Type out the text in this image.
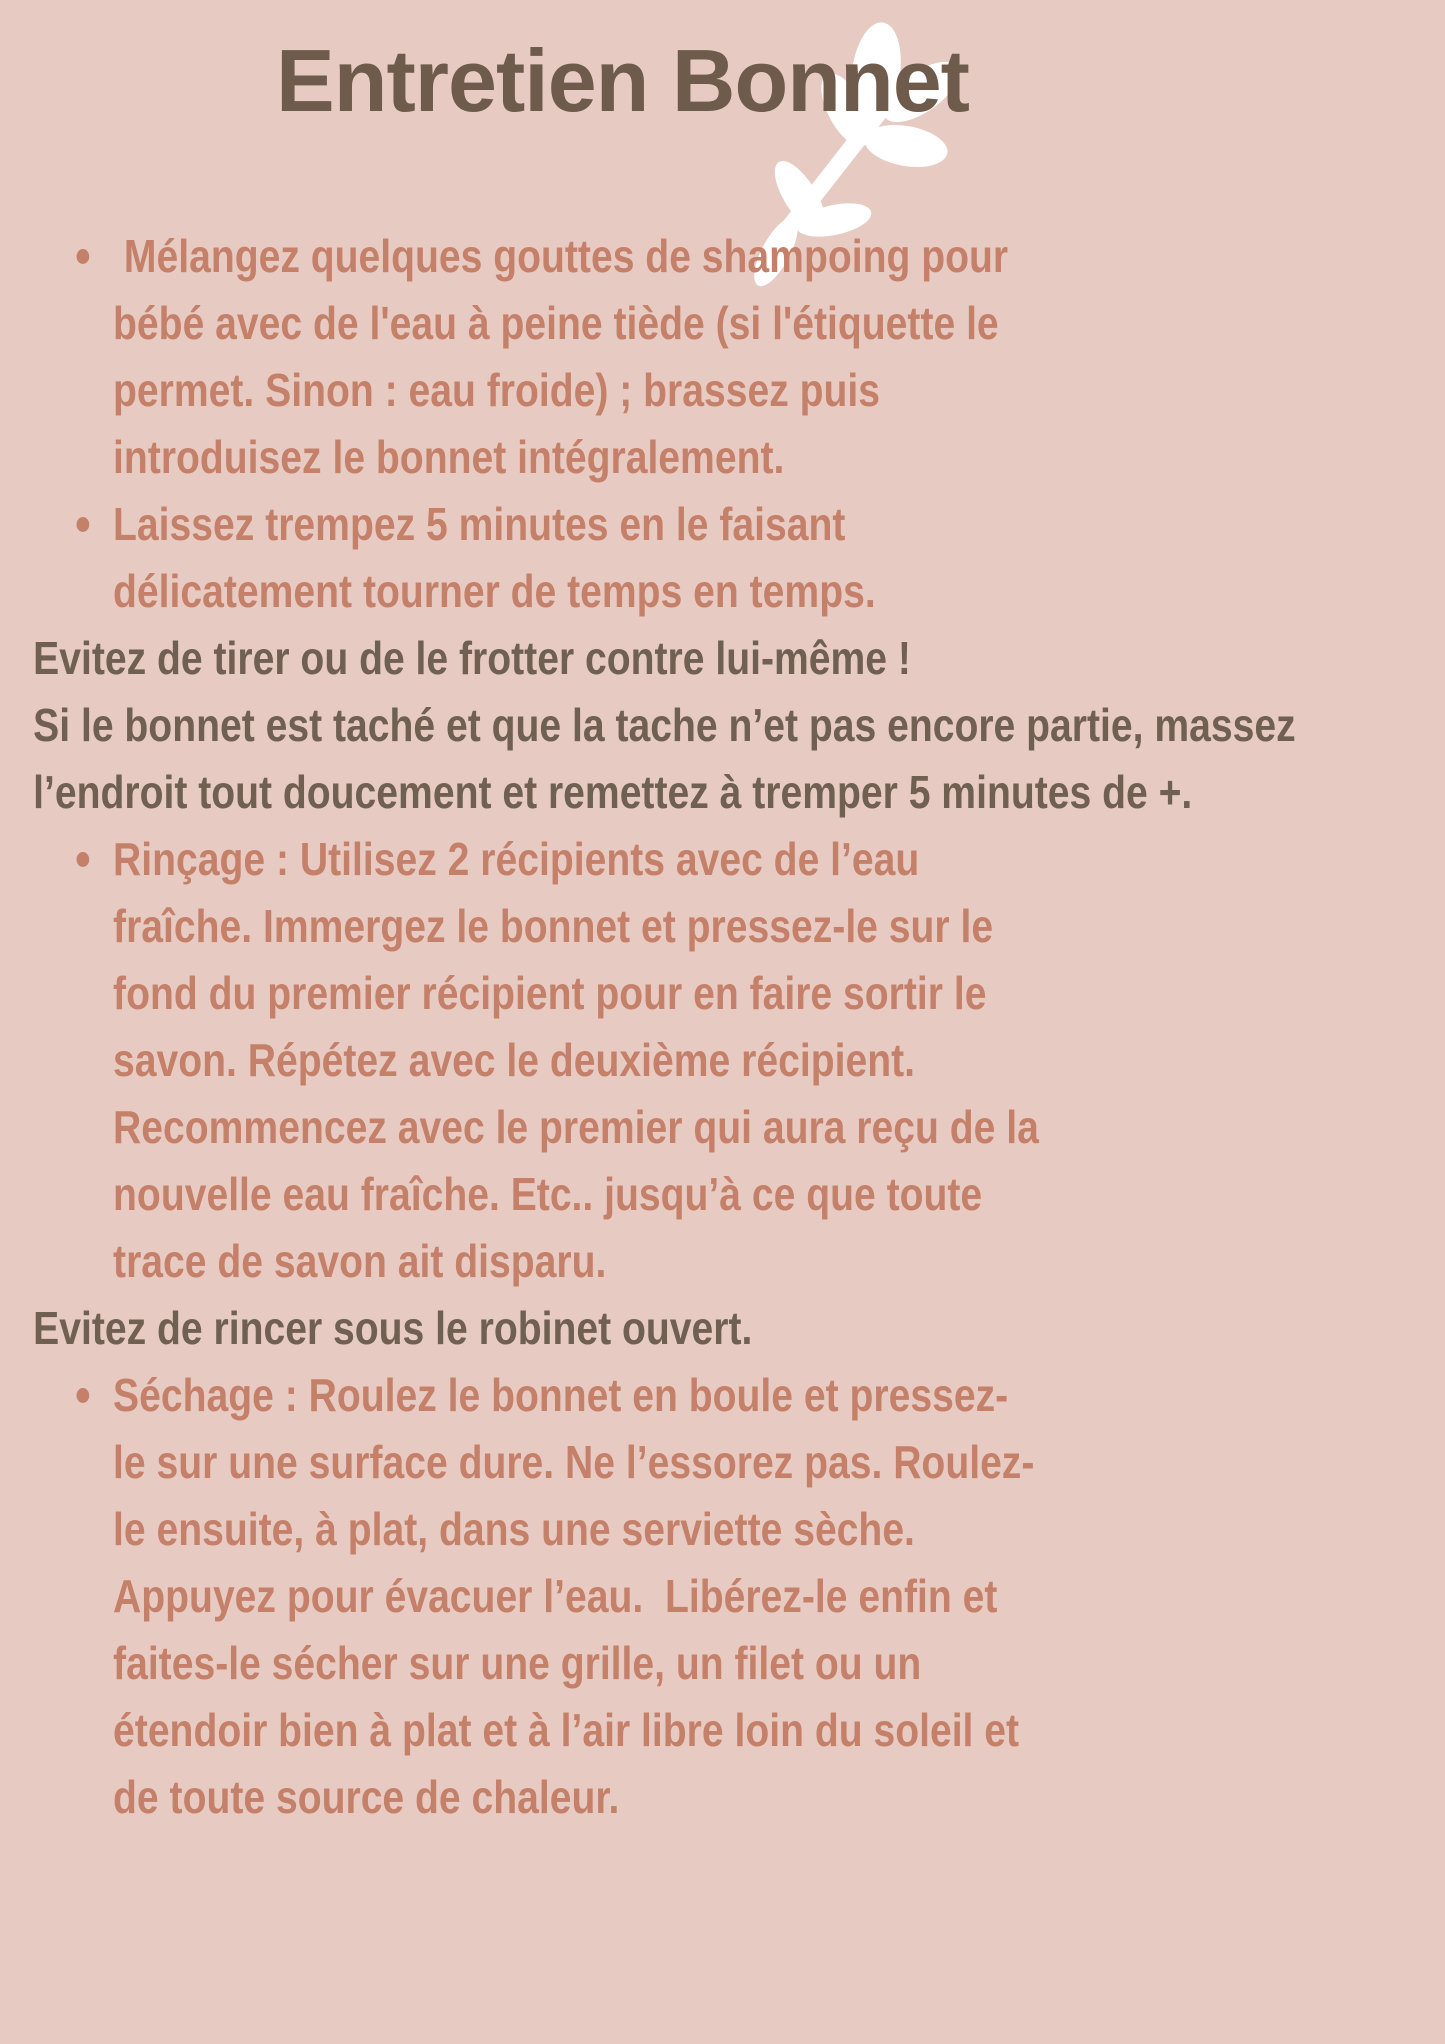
Entretien Bonnet
Mélangez quelques gouttes de shampoing pour bébé avec de l'eau à peine tiède (si l'étiquette le permet. Sinon : eau froide) ; brassez puis introduisez le bonnet intégralement.
Laissez trempez 5 minutes en le faisant délicatement tourner de temps en temps.

Evitez de tirer ou de le frotter contre lui-même !

Si le bonnet est taché et que la tache n’et pas encore partie, massez l’endroit tout doucement et remettez à tremper 5 minutes de +.

Rinçage : Utilisez 2 récipients avec de l’eau fraîche. Immergez le bonnet et pressez-le sur le fond du premier récipient pour en faire sortir le savon. Répétez avec le deuxième récipient. Recommencez avec le premier qui aura reçu de la nouvelle eau fraîche. Etc.. jusqu’à ce que toute trace de savon ait disparu.

Evitez de rincer sous le robinet ouvert.

Séchage : Roulez le bonnet en boule et pressez-le sur une surface dure. Ne l’essorez pas. Roulez-le ensuite, à plat, dans une serviette sèche. Appuyez pour évacuer l’eau.  Libérez-le enfin et faites-le sécher sur une grille, un filet ou un étendoir bien à plat et à l’air libre loin du soleil et de toute source de chaleur.
